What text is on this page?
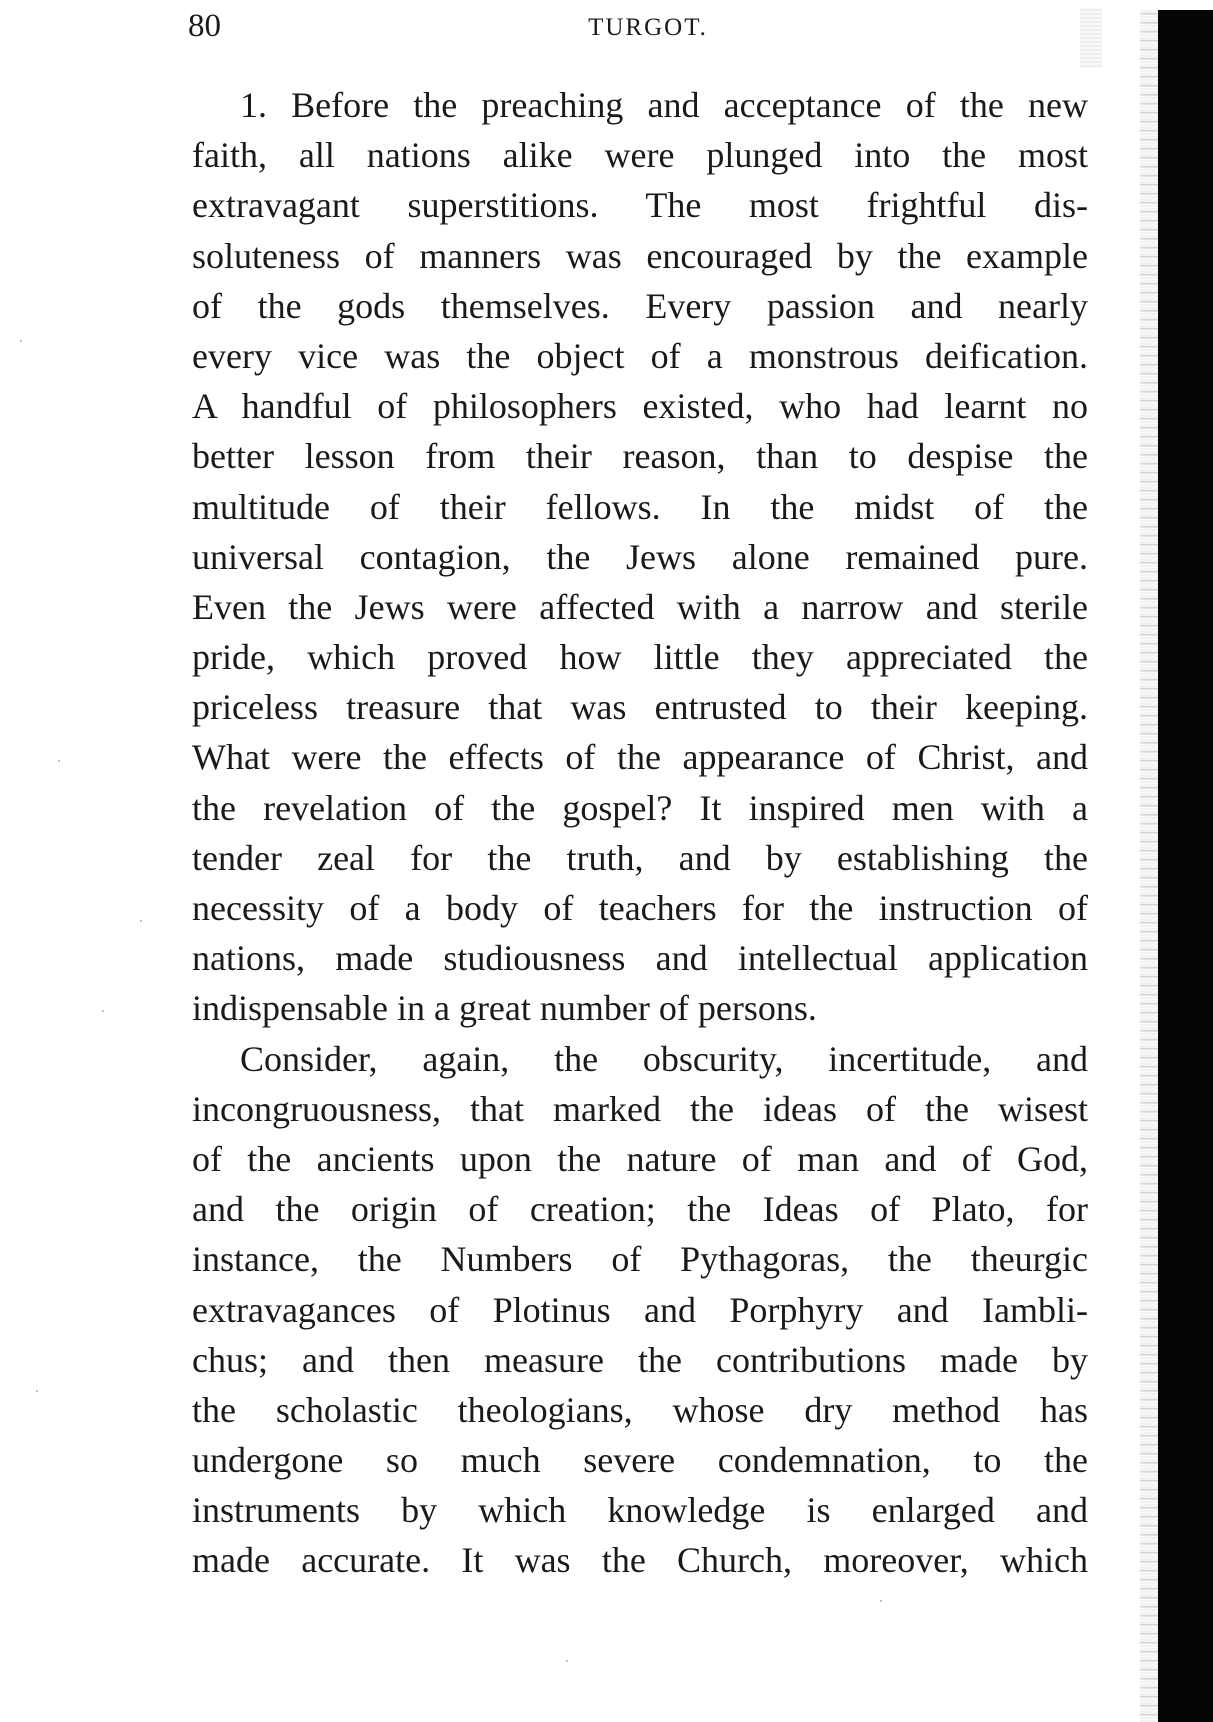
80	TURGOT.

1. Before the preaching and acceptance of the new
faith, all nations alike were plunged into the most
extravagant superstitions. The most frightful dis-
soluteness of manners was encouraged by the example
of the gods themselves. Every passion and nearly
every vice was the object of a monstrous deification.
A handful of philosophers existed, who had learnt no
better lesson from their reason, than to despise the
multitude of their fellows. In the midst of the
universal contagion, the Jews alone remained pure.
Even the Jews were affected with a narrow and sterile
pride, which proved how little they appreciated the
priceless treasure that was entrusted to their keeping.
What were the effects of the appearance of Christ, and
the revelation of the gospel? It inspired men with a
tender zeal for the truth, and by establishing the
necessity of a body of teachers for the instruction of
nations, made studiousness and intellectual application
indispensable in a great number of persons.

Consider, again, the obscurity, incertitude, and
incongruousness, that marked the ideas of the wisest
of the ancients upon the nature of man and of God,
and the origin of creation; the Ideas of Plato, for
instance, the Numbers of Pythagoras, the theurgic
extravagances of Plotinus and Porphyry and Iambli-
chus; and then measure the contributions made by
the scholastic theologians, whose dry method has
undergone so much severe condemnation, to the
instruments by which knowledge is enlarged and
made accurate. It was the Church, moreover, which
